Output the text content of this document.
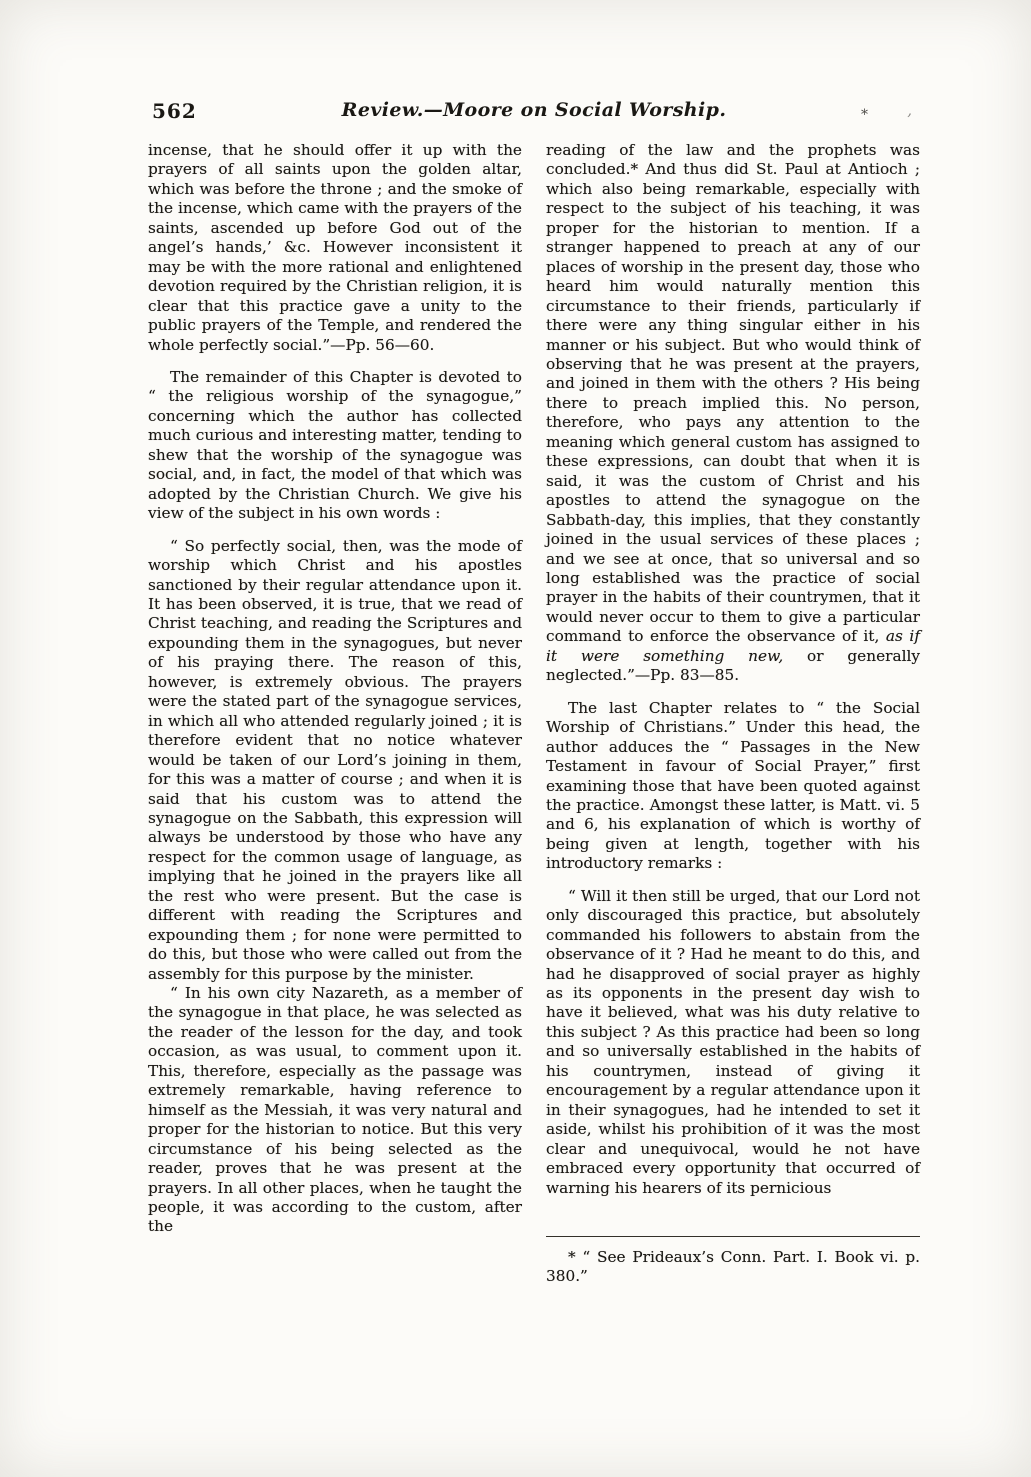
562	Review.—Moore on Social Worship.	*	,

incense, that he should offer it up with the prayers of all saints upon the golden altar, which was before the throne ; and the smoke of the incense, which came with the prayers of the saints, ascended up before God out of the angel’s hands,’ &c. However inconsistent it may be with the more rational and enlightened devotion required by the Christian religion, it is clear that this practice gave a unity to the public prayers of the Temple, and rendered the whole perfectly social.”—Pp. 56—60.

The remainder of this Chapter is devoted to “ the religious worship of the synagogue,” concerning which the author has collected much curious and interesting matter, tending to shew that the worship of the synagogue was social, and, in fact, the model of that which was adopted by the Christian Church. We give his view of the subject in his own words :

“ So perfectly social, then, was the mode of worship which Christ and his apostles sanctioned by their regular attendance upon it. It has been observed, it is true, that we read of Christ teaching, and reading the Scriptures and expounding them in the synagogues, but never of his praying there. The reason of this, however, is extremely obvious. The prayers were the stated part of the synagogue services, in which all who attended regularly joined ; it is therefore evident that no notice whatever would be taken of our Lord’s joining in them, for this was a matter of course ; and when it is said that his custom was to attend the synagogue on the Sabbath, this expression will always be understood by those who have any respect for the common usage of language, as implying that he joined in the prayers like all the rest who were present. But the case is different with reading the Scriptures and expounding them ; for none were permitted to do this, but those who were called out from the assembly for this purpose by the minister.

“ In his own city Nazareth, as a member of the synagogue in that place, he was selected as the reader of the lesson for the day, and took occasion, as was usual, to comment upon it. This, therefore, especially as the passage was extremely remarkable, having reference to himself as the Messiah, it was very natural and proper for the historian to notice. But this very circumstance of his being selected as the reader, proves that he was present at the prayers. In all other places, when he taught the people, it was according to the custom, after the

reading of the law and the prophets was concluded.* And thus did St. Paul at Antioch ; which also being remarkable, especially with respect to the subject of his teaching, it was proper for the historian to mention. If a stranger happened to preach at any of our places of worship in the present day, those who heard him would naturally mention this circumstance to their friends, particularly if there were any thing singular either in his manner or his subject. But who would think of observing that he was present at the prayers, and joined in them with the others ? His being there to preach implied this. No person, therefore, who pays any attention to the meaning which general custom has assigned to these expressions, can doubt that when it is said, it was the custom of Christ and his apostles to attend the synagogue on the Sabbath-day, this implies, that they constantly joined in the usual services of these places ; and we see at once, that so universal and so long established was the practice of social prayer in the habits of their countrymen, that it would never occur to them to give a particular command to enforce the observance of it, as if it were something new, or generally neglected.”—Pp. 83—85.

The last Chapter relates to “ the Social Worship of Christians.” Under this head, the author adduces the “ Passages in the New Testament in favour of Social Prayer,” first examining those that have been quoted against the practice. Amongst these latter, is Matt. vi. 5 and 6, his explanation of which is worthy of being given at length, together with his introductory remarks :

“ Will it then still be urged, that our Lord not only discouraged this practice, but absolutely commanded his followers to abstain from the observance of it ? Had he meant to do this, and had he disapproved of social prayer as highly as its opponents in the present day wish to have it believed, what was his duty relative to this subject ? As this practice had been so long and so universally established in the habits of his countrymen, instead of giving it encouragement by a regular attendance upon it in their synagogues, had he intended to set it aside, whilst his prohibition of it was the most clear and unequivocal, would he not have embraced every opportunity that occurred of warning his hearers of its pernicious

* “ See Prideaux’s Conn. Part. I. Book vi. p. 380.”
